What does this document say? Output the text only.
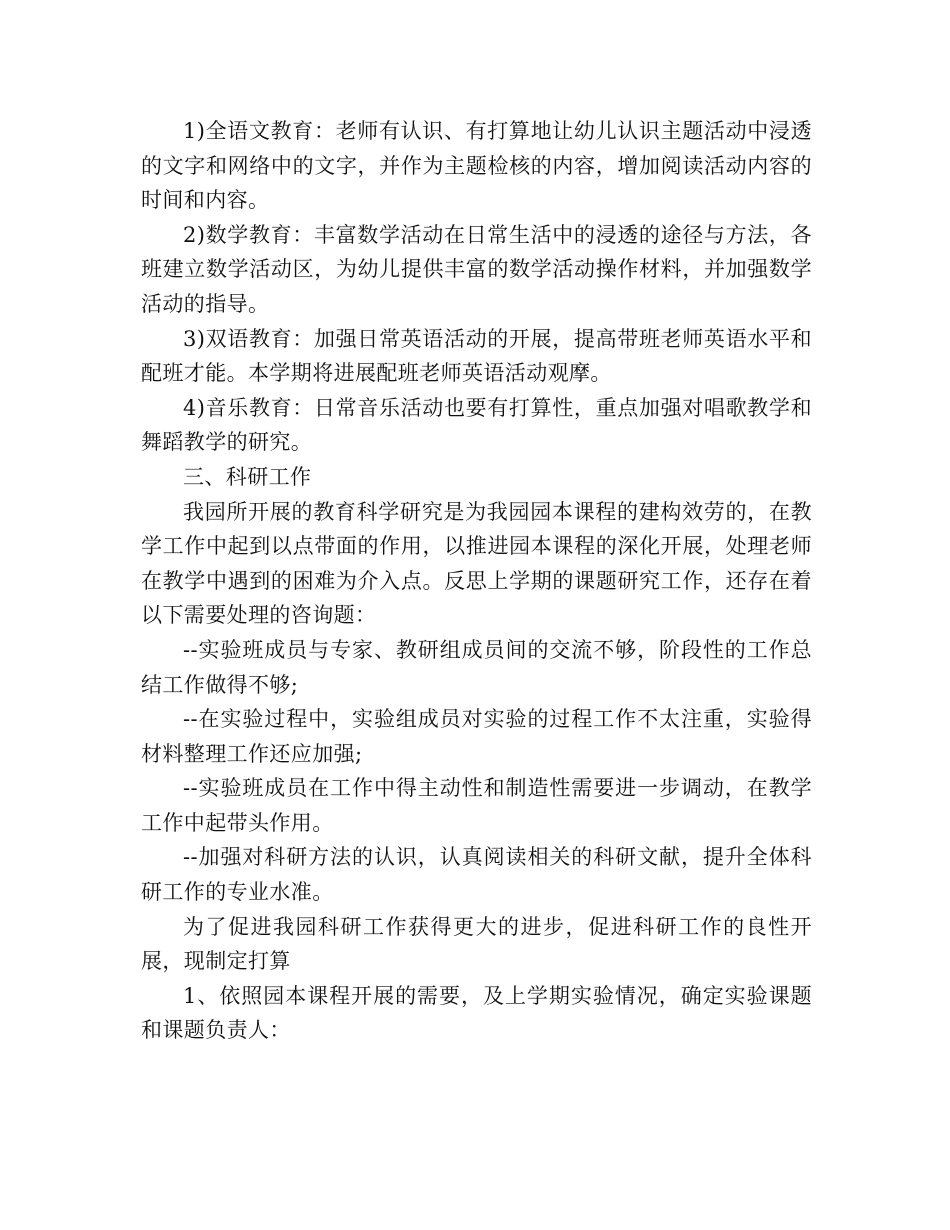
1)全语文教育：老师有认识、有打算地让幼儿认识主题活动中浸透的文字和网络中的文字，并作为主题检核的内容，增加阅读活动内容的时间和内容。

2)数学教育：丰富数学活动在日常生活中的浸透的途径与方法，各班建立数学活动区，为幼儿提供丰富的数学活动操作材料，并加强数学活动的指导。

3)双语教育：加强日常英语活动的开展，提高带班老师英语水平和配班才能。本学期将进展配班老师英语活动观摩。

4)音乐教育：日常音乐活动也要有打算性，重点加强对唱歌教学和舞蹈教学的研究。

三、科研工作

我园所开展的教育科学研究是为我园园本课程的建构效劳的，在教学工作中起到以点带面的作用，以推进园本课程的深化开展，处理老师在教学中遇到的困难为介入点。反思上学期的课题研究工作，还存在着以下需要处理的咨询题：

--实验班成员与专家、教研组成员间的交流不够，阶段性的工作总结工作做得不够;

--在实验过程中，实验组成员对实验的过程工作不太注重，实验得材料整理工作还应加强;

--实验班成员在工作中得主动性和制造性需要进一步调动，在教学工作中起带头作用。

--加强对科研方法的认识，认真阅读相关的科研文献，提升全体科研工作的专业水准。

为了促进我园科研工作获得更大的进步，促进科研工作的良性开展，现制定打算

1、依照园本课程开展的需要，及上学期实验情况，确定实验课题和课题负责人：
